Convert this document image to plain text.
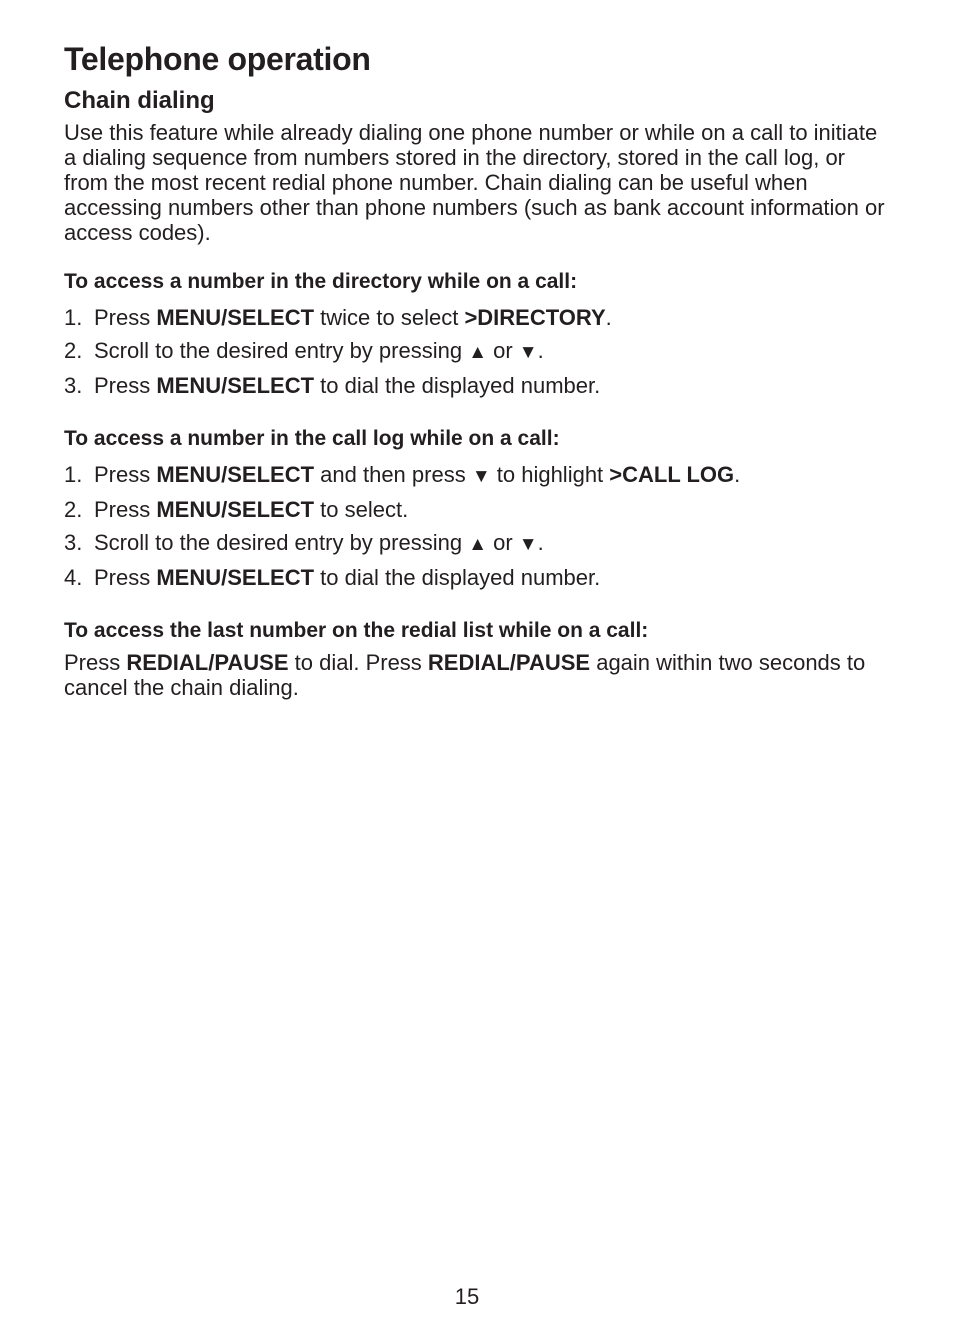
Telephone operation
Chain dialing

Use this feature while already dialing one phone number or while on a call to initiate a dialing sequence from numbers stored in the directory, stored in the call log, or from the most recent redial phone number. Chain dialing can be useful when accessing numbers other than phone numbers (such as bank account information or access codes).

To access a number in the directory while on a call:

1. Press MENU/SELECT twice to select >DIRECTORY.
2. Scroll to the desired entry by pressing ▲ or ▼.
3. Press MENU/SELECT to dial the displayed number.

To access a number in the call log while on a call:

1. Press MENU/SELECT and then press ▼ to highlight >CALL LOG.
2. Press MENU/SELECT to select.
3. Scroll to the desired entry by pressing ▲ or ▼.
4. Press MENU/SELECT to dial the displayed number.

To access the last number on the redial list while on a call:

Press REDIAL/PAUSE to dial. Press REDIAL/PAUSE again within two seconds to cancel the chain dialing.

15
